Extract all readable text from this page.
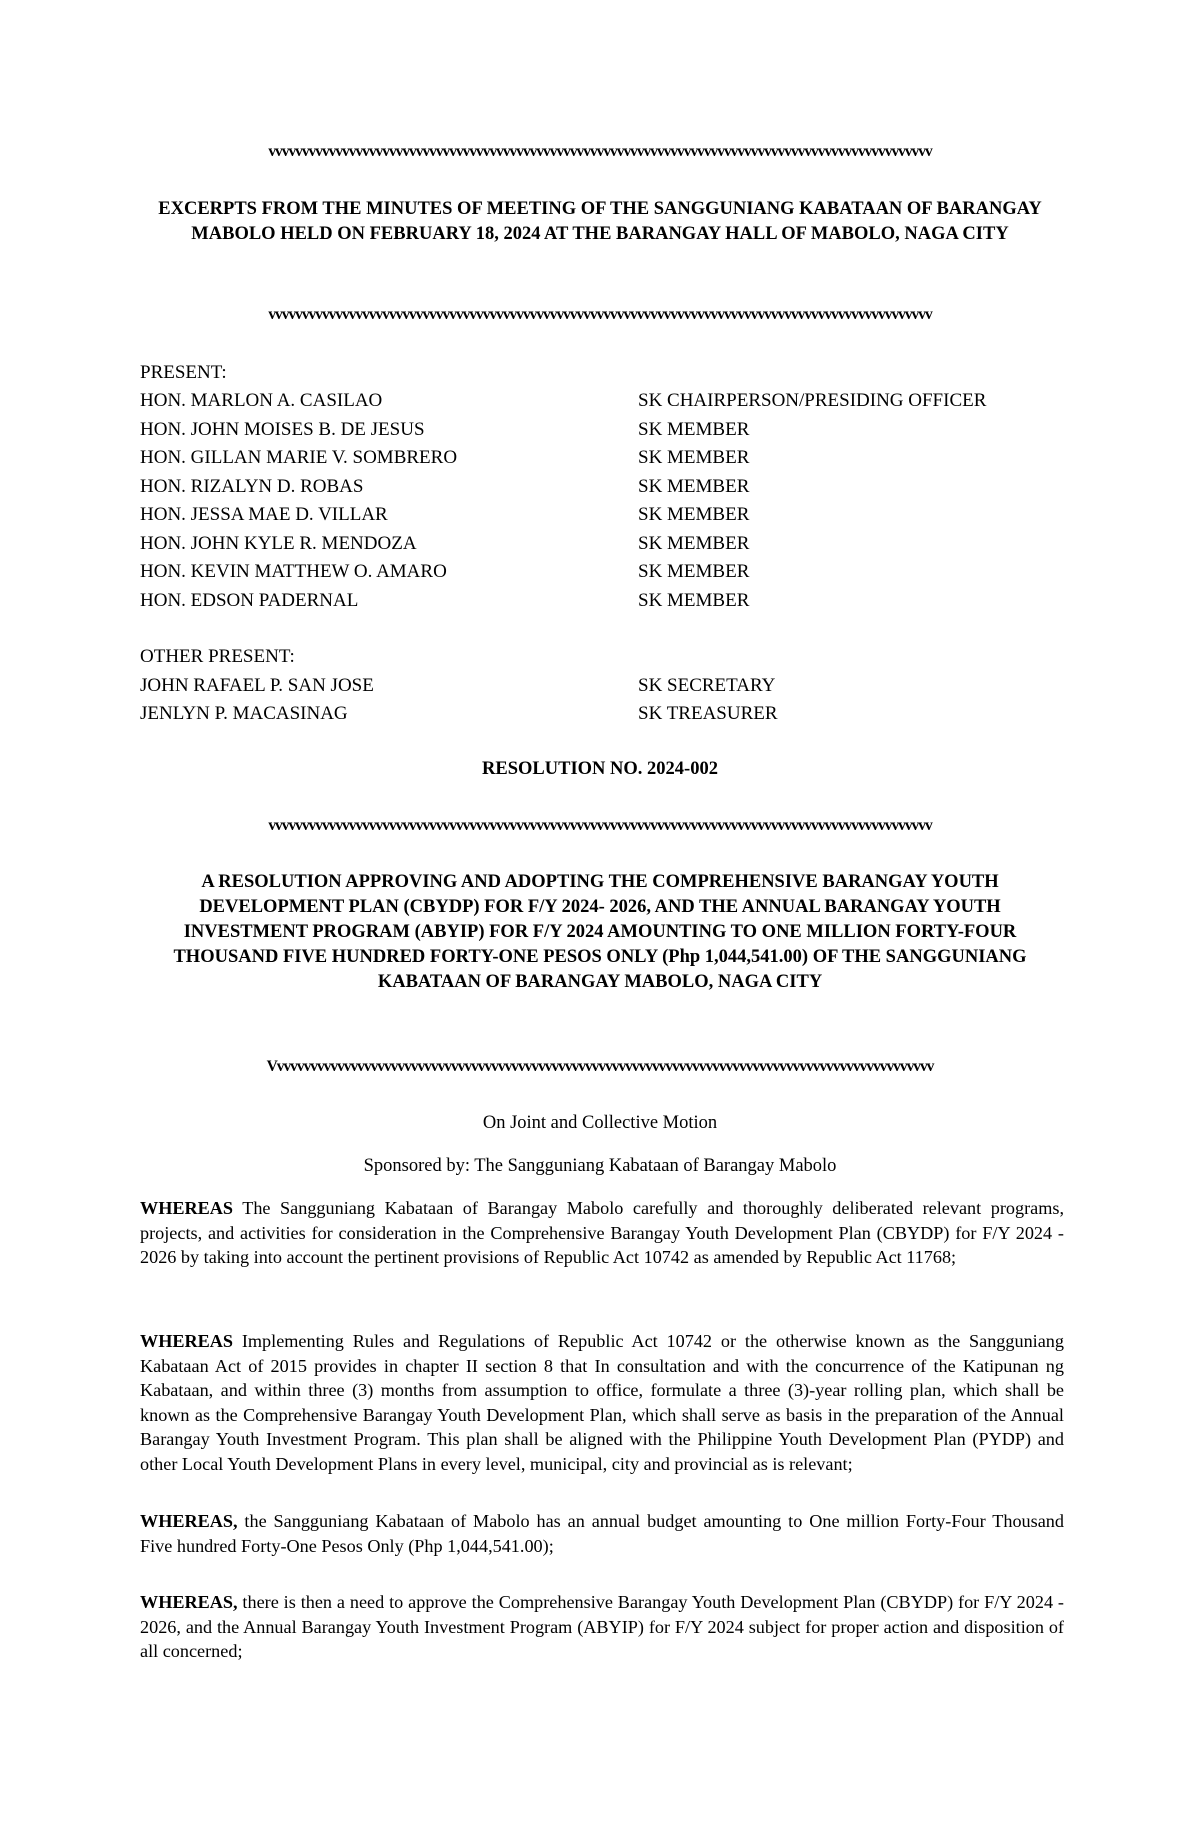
vvvvvvvvvvvvvvvvvvvvvvvvvvvvvvvvvvvvvvvvvvvvvvvvvvvvvvvvvvvvvvvvvvvvvvvvvvvvvvvvvvvvvvvvvvvvvvvvvvv
EXCERPTS FROM THE MINUTES OF MEETING OF THE SANGGUNIANG KABATAAN OF BARANGAY MABOLO HELD ON FEBRUARY 18, 2024 AT THE BARANGAY HALL OF MABOLO, NAGA CITY
vvvvvvvvvvvvvvvvvvvvvvvvvvvvvvvvvvvvvvvvvvvvvvvvvvvvvvvvvvvvvvvvvvvvvvvvvvvvvvvvvvvvvvvvvvvvvvvvvvv
PRESENT:
HON. MARLON A. CASILAO	SK CHAIRPERSON/PRESIDING OFFICER
HON. JOHN MOISES B. DE JESUS	SK MEMBER
HON. GILLAN MARIE V. SOMBRERO	SK MEMBER
HON. RIZALYN D. ROBAS	SK MEMBER
HON. JESSA MAE D. VILLAR	SK MEMBER
HON. JOHN KYLE R. MENDOZA	SK MEMBER
HON. KEVIN MATTHEW O. AMARO	SK MEMBER
HON. EDSON PADERNAL	SK MEMBER
OTHER PRESENT:
JOHN RAFAEL P. SAN JOSE	SK SECRETARY
JENLYN P. MACASINAG	SK TREASURER
RESOLUTION NO. 2024-002
vvvvvvvvvvvvvvvvvvvvvvvvvvvvvvvvvvvvvvvvvvvvvvvvvvvvvvvvvvvvvvvvvvvvvvvvvvvvvvvvvvvvvvvvvvvvvvvvvvv
A RESOLUTION APPROVING AND ADOPTING THE COMPREHENSIVE BARANGAY YOUTH DEVELOPMENT PLAN (CBYDP) FOR F/Y 2024- 2026, AND THE ANNUAL BARANGAY YOUTH INVESTMENT PROGRAM (ABYIP) FOR F/Y 2024 AMOUNTING TO ONE MILLION FORTY-FOUR THOUSAND FIVE HUNDRED FORTY-ONE PESOS ONLY (Php 1,044,541.00) OF THE SANGGUNIANG KABATAAN OF BARANGAY MABOLO, NAGA CITY
Vvvvvvvvvvvvvvvvvvvvvvvvvvvvvvvvvvvvvvvvvvvvvvvvvvvvvvvvvvvvvvvvvvvvvvvvvvvvvvvvvvvvvvvvvvvvvvvvvvv
On Joint and Collective Motion
Sponsored by: The Sangguniang Kabataan of Barangay Mabolo

WHEREAS The Sangguniang Kabataan of Barangay Mabolo carefully and thoroughly deliberated relevant programs, projects, and activities for consideration in the Comprehensive Barangay Youth Development Plan (CBYDP) for F/Y 2024 - 2026 by taking into account the pertinent provisions of Republic Act 10742 as amended by Republic Act 11768;

WHEREAS Implementing Rules and Regulations of Republic Act 10742 or the otherwise known as the Sangguniang Kabataan Act of 2015 provides in chapter II section 8 that In consultation and with the concurrence of the Katipunan ng Kabataan, and within three (3) months from assumption to office, formulate a three (3)-year rolling plan, which shall be known as the Comprehensive Barangay Youth Development Plan, which shall serve as basis in the preparation of the Annual Barangay Youth Investment Program. This plan shall be aligned with the Philippine Youth Development Plan (PYDP) and other Local Youth Development Plans in every level, municipal, city and provincial as is relevant;

WHEREAS, the Sangguniang Kabataan of Mabolo has an annual budget amounting to One million Forty-Four Thousand Five hundred Forty-One Pesos Only (Php 1,044,541.00);

WHEREAS, there is then a need to approve the Comprehensive Barangay Youth Development Plan (CBYDP) for F/Y 2024 - 2026, and the Annual Barangay Youth Investment Program (ABYIP) for F/Y 2024 subject for proper action and disposition of all concerned;
